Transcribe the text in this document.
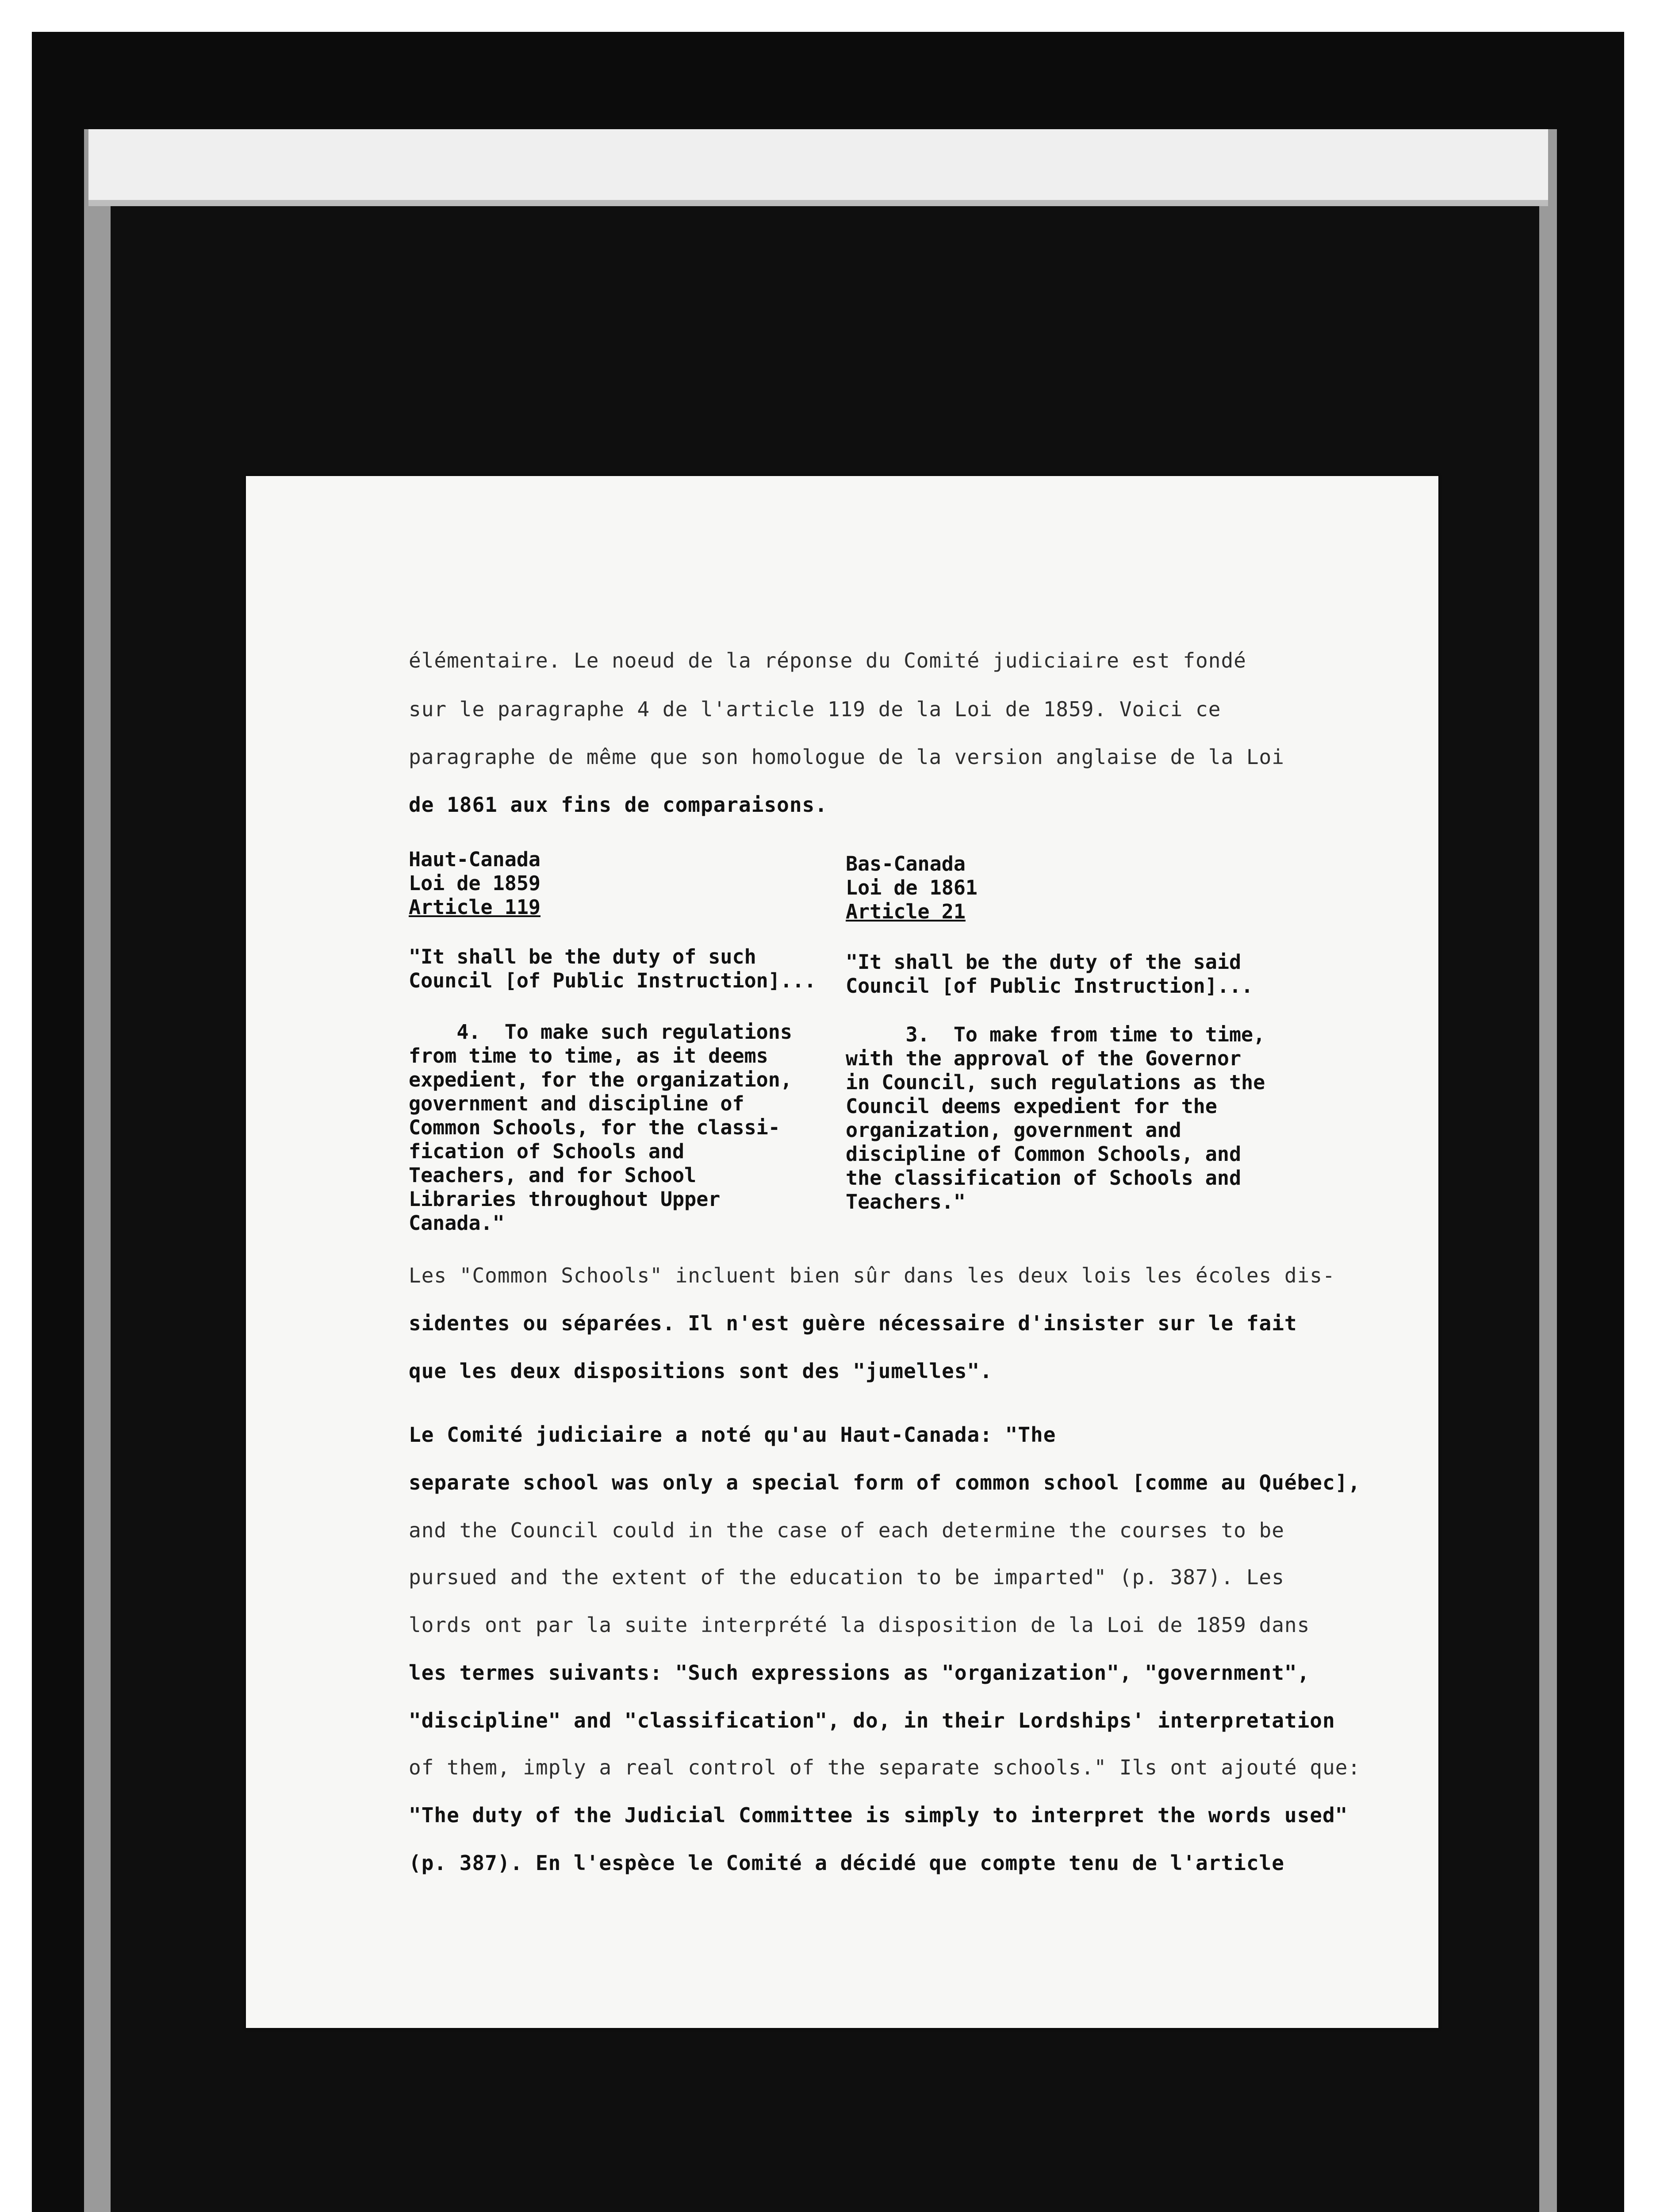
élémentaire. Le noeud de la réponse du Comité judiciaire est fondé
sur le paragraphe 4 de l'article 119 de la Loi de 1859. Voici ce
paragraphe de même que son homologue de la version anglaise de la Loi
de 1861 aux fins de comparaisons.
Haut-Canada
Loi de 1859
Article 119
"It shall be the duty of such
Council [of Public Instruction]...
4.  To make such regulations
from time to time, as it deems
expedient, for the organization,
government and discipline of
Common Schools, for the classi-
fication of Schools and
Teachers, and for School
Libraries throughout Upper
Canada."
Bas-Canada
Loi de 1861
Article 21
"It shall be the duty of the said
Council [of Public Instruction]...
3.  To make from time to time,
with the approval of the Governor
in Council, such regulations as the
Council deems expedient for the
organization, government and
discipline of Common Schools, and
the classification of Schools and
Teachers."
Les "Common Schools" incluent bien sûr dans les deux lois les écoles dis-
sidentes ou séparées. Il n'est guère nécessaire d'insister sur le fait
que les deux dispositions sont des "jumelles".
Le Comité judiciaire a noté qu'au Haut-Canada: "The
separate school was only a special form of common school [comme au Québec],
and the Council could in the case of each determine the courses to be
pursued and the extent of the education to be imparted" (p. 387). Les
lords ont par la suite interprété la disposition de la Loi de 1859 dans
les termes suivants: "Such expressions as "organization", "government",
"discipline" and "classification", do, in their Lordships' interpretation
of them, imply a real control of the separate schools." Ils ont ajouté que:
"The duty of the Judicial Committee is simply to interpret the words used"
(p. 387). En l'espèce le Comité a décidé que compte tenu de l'article
